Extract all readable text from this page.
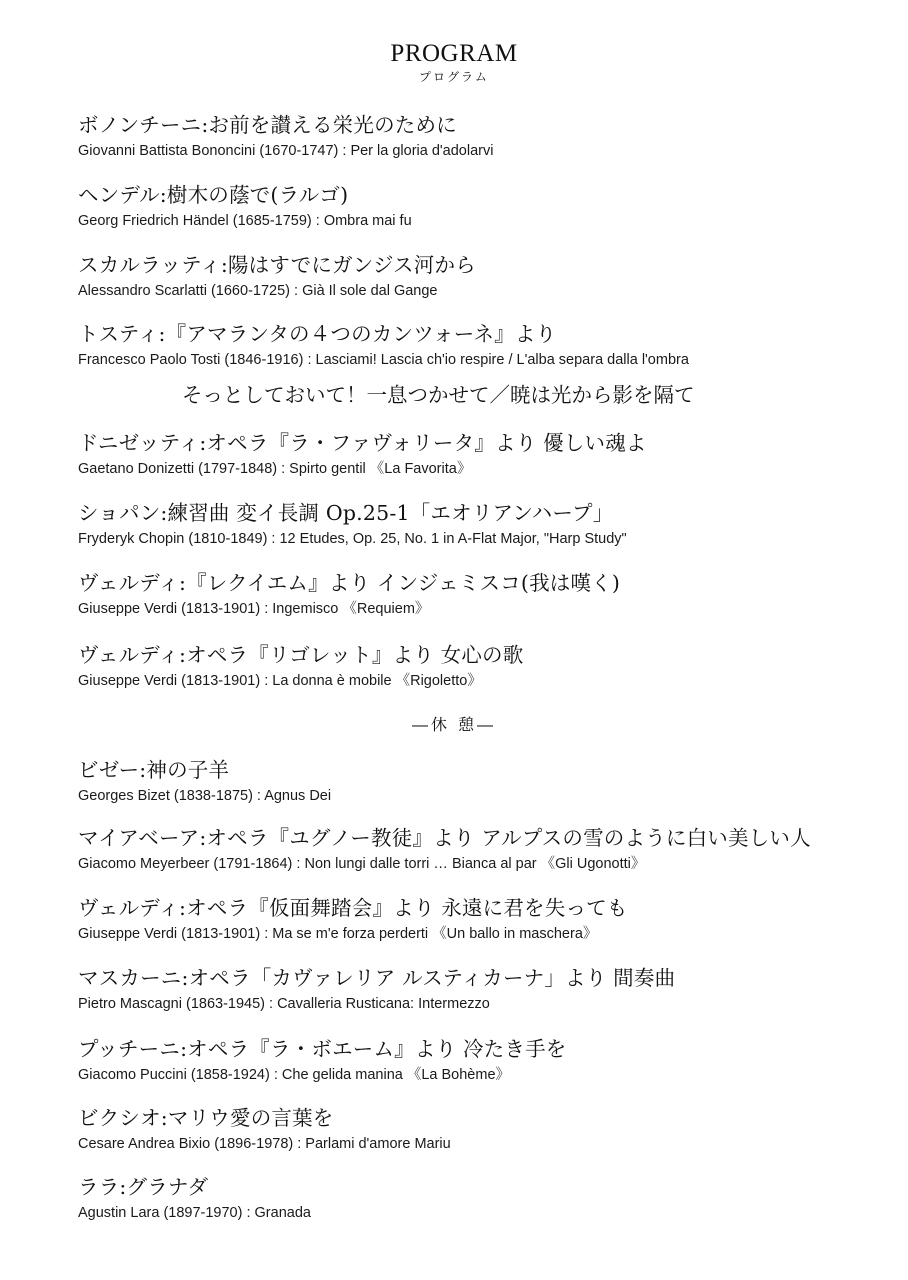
PROGRAM
プログラム
ボノンチーニ:お前を讃える栄光のために
Giovanni Battista Bononcini (1670-1747) : Per la gloria d'adolarvi
ヘンデル:樹木の蔭で(ラルゴ)
Georg Friedrich Händel (1685-1759) : Ombra mai fu
スカルラッティ:陽はすでにガンジス河から
Alessandro Scarlatti (1660-1725) : Già Il sole dal Gange
トスティ:『アマランタの４つのカンツォーネ』より
Francesco Paolo Tosti (1846-1916) : Lasciami! Lascia ch'io respire / L'alba separa dalla l'ombra
そっとしておいて！一息つかせて／暁は光から影を隔て
ドニゼッティ:オペラ『ラ・ファヴォリータ』より 優しい魂よ
Gaetano Donizetti (1797-1848) : Spirto gentil 《La Favorita》
ショパン:練習曲 変イ長調 Op.25-1「エオリアンハープ」
Fryderyk Chopin (1810-1849) : 12 Etudes, Op. 25, No. 1 in A-Flat Major, "Harp Study"
ヴェルディ:『レクイエム』より インジェミスコ(我は嘆く)
Giuseppe Verdi (1813-1901) : Ingemisco 《Requiem》
ヴェルディ:オペラ『リゴレット』より 女心の歌
Giuseppe Verdi (1813-1901) : La donna è mobile 《Rigoletto》
―休 憩―
ビゼー:神の子羊
Georges Bizet (1838-1875) : Agnus Dei
マイアベーア:オペラ『ユグノー教徒』より アルプスの雪のように白い美しい人
Giacomo Meyerbeer (1791-1864) : Non lungi dalle torri … Bianca al par 《Gli Ugonotti》
ヴェルディ:オペラ『仮面舞踏会』より 永遠に君を失っても
Giuseppe Verdi (1813-1901) : Ma se m'e forza perderti 《Un ballo in maschera》
マスカーニ:オペラ「カヴァレリア ルスティカーナ」より 間奏曲
Pietro Mascagni (1863-1945) : Cavalleria Rusticana: Intermezzo
プッチーニ:オペラ『ラ・ボエーム』より 冷たき手を
Giacomo Puccini (1858-1924) : Che gelida manina 《La Bohème》
ビクシオ:マリウ愛の言葉を
Cesare Andrea Bixio (1896-1978) : Parlami d'amore Mariu
ララ:グラナダ
Agustin Lara (1897-1970) : Granada
